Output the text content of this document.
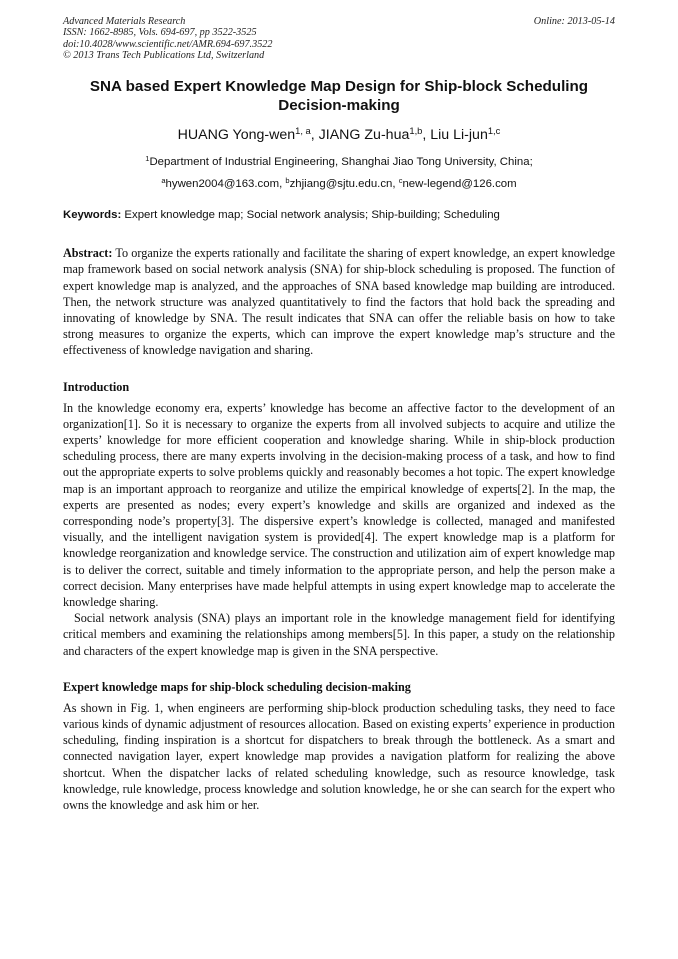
Advanced Materials Research
ISSN: 1662-8985, Vols. 694-697, pp 3522-3525
doi:10.4028/www.scientific.net/AMR.694-697.3522
© 2013 Trans Tech Publications Ltd, Switzerland
Online: 2013-05-14
SNA based Expert Knowledge Map Design for Ship-block Scheduling Decision-making
HUANG Yong-wen$^{1, a}$, JIANG Zu-hua$^{1,b}$, Liu Li-jun$^{1,c}$
$^1$Department of Industrial Engineering, Shanghai Jiao Tong University, China;
$^a$hywen2004@163.com, $^b$zhjiang@sjtu.edu.cn, $^c$new-legend@126.com
Keywords: Expert knowledge map; Social network analysis; Ship-building; Scheduling
Abstract: To organize the experts rationally and facilitate the sharing of expert knowledge, an expert knowledge map framework based on social network analysis (SNA) for ship-block scheduling is proposed. The function of expert knowledge map is analyzed, and the approaches of SNA based knowledge map building are introduced. Then, the network structure was analyzed quantitatively to find the factors that hold back the spreading and innovating of knowledge by SNA. The result indicates that SNA can offer the reliable basis on how to take strong measures to organize the experts, which can improve the expert knowledge map’s structure and the effectiveness of knowledge navigation and sharing.
Introduction
In the knowledge economy era, experts’ knowledge has become an affective factor to the development of an organization[1]. So it is necessary to organize the experts from all involved subjects to acquire and utilize the experts’ knowledge for more efficient cooperation and knowledge sharing. While in ship-block production scheduling process, there are many experts involving in the decision-making process of a task, and how to find out the appropriate experts to solve problems quickly and reasonably becomes a hot topic. The expert knowledge map is an important approach to reorganize and utilize the empirical knowledge of experts[2]. In the map, the experts are presented as nodes; every expert’s knowledge and skills are organized and indexed as the corresponding node’s property[3]. The dispersive expert’s knowledge is collected, managed and manifested visually, and the intelligent navigation system is provided[4]. The expert knowledge map is a platform for knowledge reorganization and knowledge service. The construction and utilization aim of expert knowledge map is to deliver the correct, suitable and timely information to the appropriate person, and help the person make a correct decision. Many enterprises have made helpful attempts in using expert knowledge map to accelerate the knowledge sharing.
Social network analysis (SNA) plays an important role in the knowledge management field for identifying critical members and examining the relationships among members[5]. In this paper, a study on the relationship and characters of the expert knowledge map is given in the SNA perspective.
Expert knowledge maps for ship-block scheduling decision-making
As shown in Fig. 1, when engineers are performing ship-block production scheduling tasks, they need to face various kinds of dynamic adjustment of resources allocation. Based on existing experts’ experience in production scheduling, finding inspiration is a shortcut for dispatchers to break through the bottleneck. As a smart and connected navigation layer, expert knowledge map provides a navigation platform for realizing the above shortcut. When the dispatcher lacks of related scheduling knowledge, such as resource knowledge, task knowledge, rule knowledge, process knowledge and solution knowledge, he or she can search for the expert who owns the knowledge and ask him or her.
